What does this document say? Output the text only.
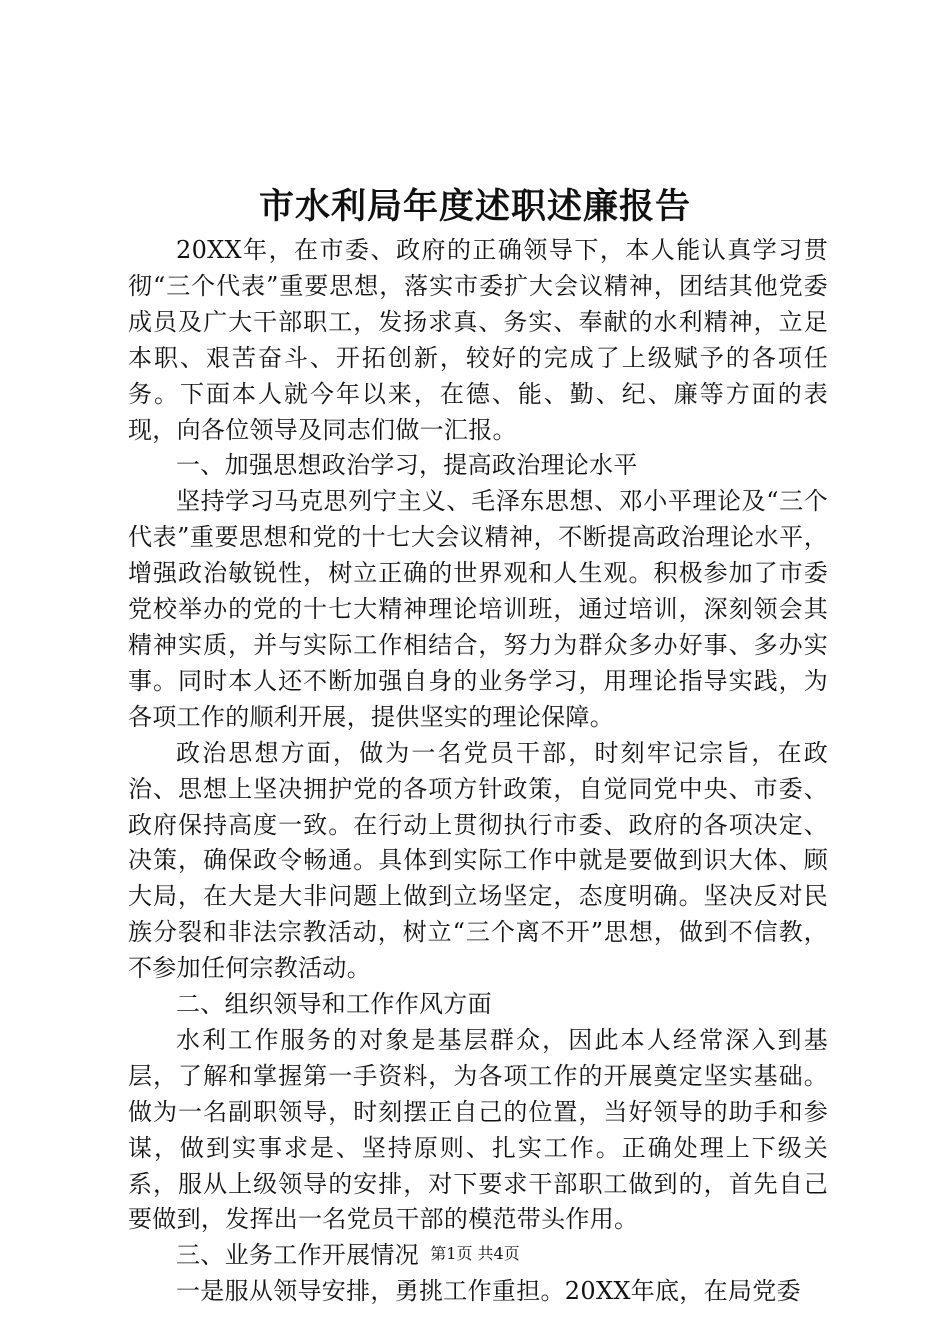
市水利局年度述职述廉报告

20XX年，在市委、政府的正确领导下，本人能认真学习贯彻“三个代表”重要思想，落实市委扩大会议精神，团结其他党委成员及广大干部职工，发扬求真、务实、奉献的水利精神，立足本职、艰苦奋斗、开拓创新，较好的完成了上级赋予的各项任务。下面本人就今年以来，在德、能、勤、纪、廉等方面的表现，向各位领导及同志们做一汇报。

一、加强思想政治学习，提高政治理论水平

坚持学习马克思列宁主义、毛泽东思想、邓小平理论及“三个代表”重要思想和党的十七大会议精神，不断提高政治理论水平，增强政治敏锐性，树立正确的世界观和人生观。积极参加了市委党校举办的党的十七大精神理论培训班，通过培训，深刻领会其精神实质，并与实际工作相结合，努力为群众多办好事、多办实事。同时本人还不断加强自身的业务学习，用理论指导实践，为各项工作的顺利开展，提供坚实的理论保障。

政治思想方面，做为一名党员干部，时刻牢记宗旨，在政治、思想上坚决拥护党的各项方针政策，自觉同党中央、市委、政府保持高度一致。在行动上贯彻执行市委、政府的各项决定、决策，确保政令畅通。具体到实际工作中就是要做到识大体、顾大局，在大是大非问题上做到立场坚定，态度明确。坚决反对民族分裂和非法宗教活动，树立“三个离不开”思想，做到不信教，不参加任何宗教活动。

二、组织领导和工作作风方面

水利工作服务的对象是基层群众，因此本人经常深入到基层，了解和掌握第一手资料，为各项工作的开展奠定坚实基础。做为一名副职领导，时刻摆正自己的位置，当好领导的助手和参谋，做到实事求是、坚持原则、扎实工作。正确处理上下级关系，服从上级领导的安排，对下要求干部职工做到的，首先自己要做到，发挥出一名党员干部的模范带头作用。

三、业务工作开展情况

一是服从领导安排，勇挑工作重担。20XX年底，在局党委

第1页 共4页
